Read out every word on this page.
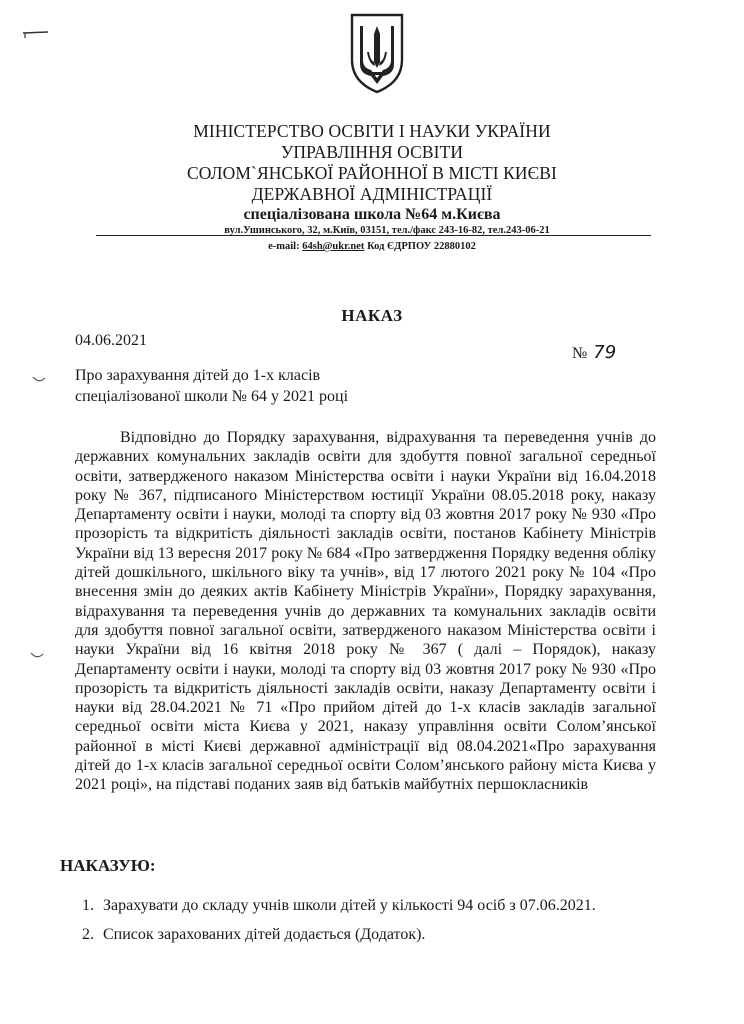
МІНІСТЕРСТВО ОСВІТИ І НАУКИ УКРАЇНИ
УПРАВЛІННЯ ОСВІТИ
СОЛОМ`ЯНСЬКОЇ РАЙОННОЇ В МІСТІ КИЄВІ
ДЕРЖАВНОЇ АДМІНІСТРАЦІЇ
спеціалізована школа №64 м.Києва
вул.Ушинського, 32, м.Київ, 03151, тел./факс 243-16-82, тел.243-06-21
e-mail: 64sh@ukr.net Код ЄДРПОУ 22880102
НАКАЗ
04.06.2021
№ 79
Про зарахування дітей до 1-х класів
спеціалізованої школи № 64 у 2021 році

Відповідно до Порядку зарахування, відрахування та переведення учнів до державних комунальних закладів освіти для здобуття повної загальної середньої освіти, затвердженого наказом Міністерства освіти і науки України від 16.04.2018 року № 367, підписаного Міністерством юстиції України 08.05.2018 року, наказу Департаменту освіти і науки, молоді та спорту від 03 жовтня 2017 року № 930 «Про прозорість та відкритість діяльності закладів освіти, постанов Кабінету Міністрів України від 13 вересня 2017 року № 684 «Про затвердження Порядку ведення обліку дітей дошкільного, шкільного віку та учнів», від 17 лютого 2021 року № 104 «Про внесення змін до деяких актів Кабінету Міністрів України», Порядку зарахування, відрахування та переведення учнів до державних та комунальних закладів освіти для здобуття повної загальної освіти, затвердженого наказом Міністерства освіти і науки України від 16 квітня 2018 року № 367 ( далі – Порядок), наказу Департаменту освіти і науки, молоді та спорту від 03 жовтня 2017 року № 930 «Про прозорість та відкритість діяльності закладів освіти, наказу Департаменту освіти і науки від 28.04.2021 № 71 «Про прийом дітей до 1-х класів закладів загальної середньої освіти міста Києва у 2021, наказу управління освіти Солом’янської районної в місті Києві державної адміністрації від 08.04.2021«Про зарахування дітей до 1-х класів загальної середньої освіти Солом’янського району міста Києва у 2021 році», на підставі поданих заяв від батьків майбутніх першокласників

НАКАЗУЮ:
1. Зарахувати до складу учнів школи дітей у кількості 94 осіб з 07.06.2021.
2. Список зарахованих дітей додається (Додаток).
